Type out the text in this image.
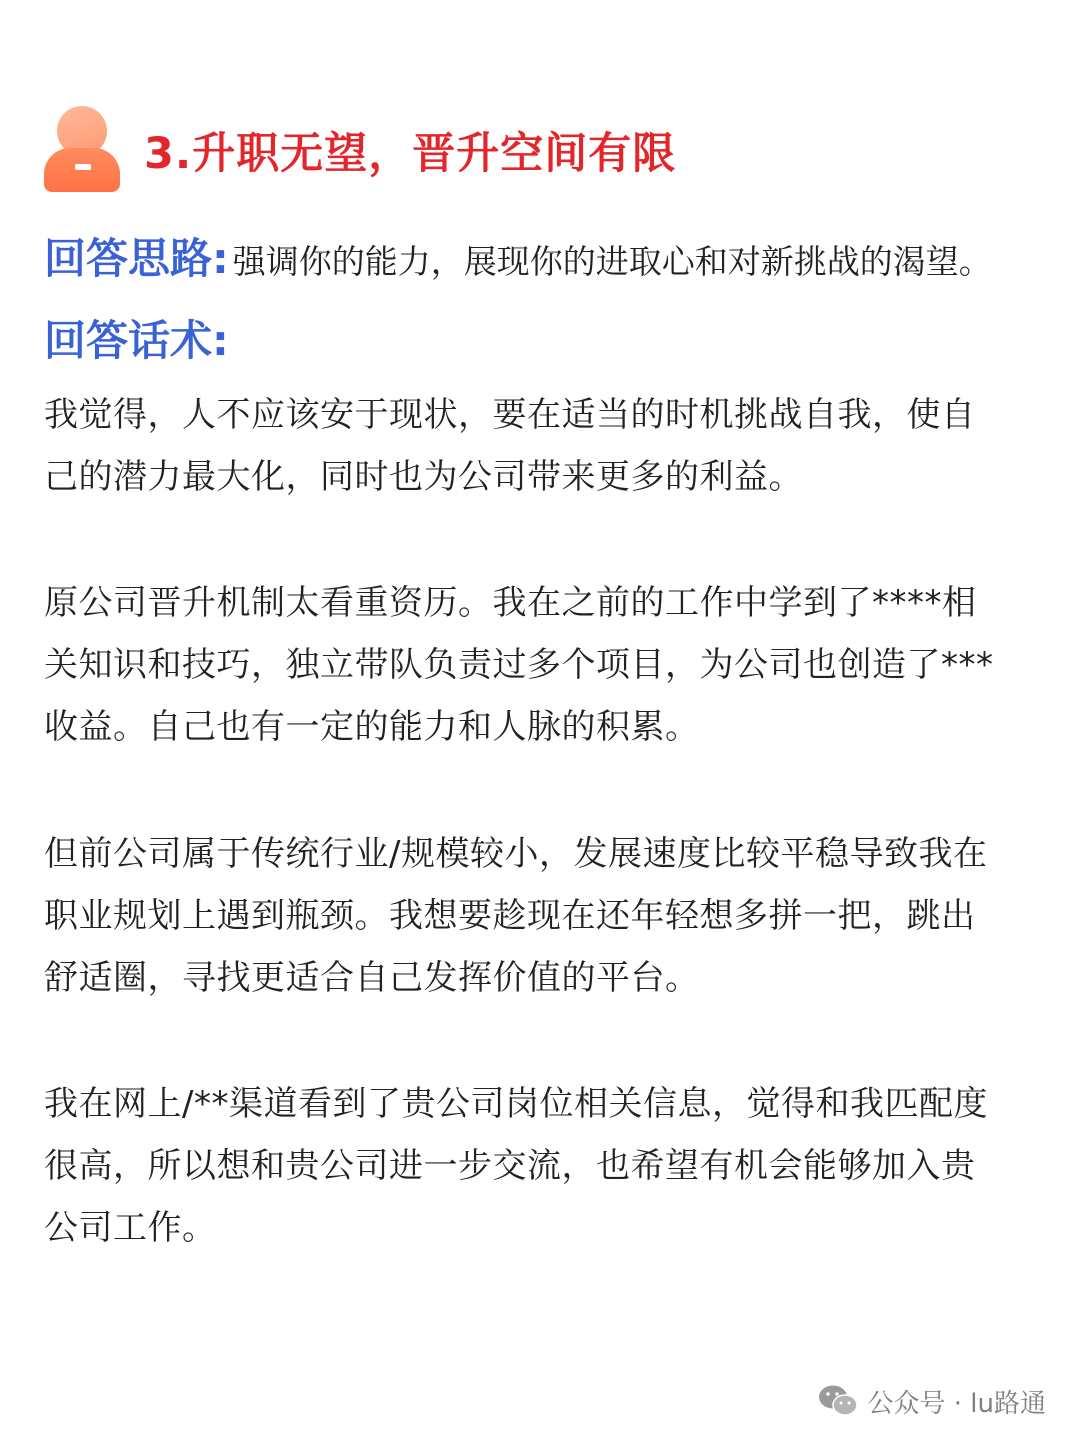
3.升职无望，晋升空间有限
回答思路: 强调你的能力，展现你的进取心和对新挑战的渴望。
回答话术:

我觉得，人不应该安于现状，要在适当的时机挑战自我，使自己的潜力最大化，同时也为公司带来更多的利益。

原公司晋升机制太看重资历。我在之前的工作中学到了****相关知识和技巧，独立带队负责过多个项目，为公司也创造了***收益。自己也有一定的能力和人脉的积累。

但前公司属于传统行业/规模较小，发展速度比较平稳导致我在职业规划上遇到瓶颈。我想要趁现在还年轻想多拼一把，跳出舒适圈，寻找更适合自己发挥价值的平台。

我在网上/**渠道看到了贵公司岗位相关信息，觉得和我匹配度很高，所以想和贵公司进一步交流，也希望有机会能够加入贵公司工作。

公众号 · lu路通
